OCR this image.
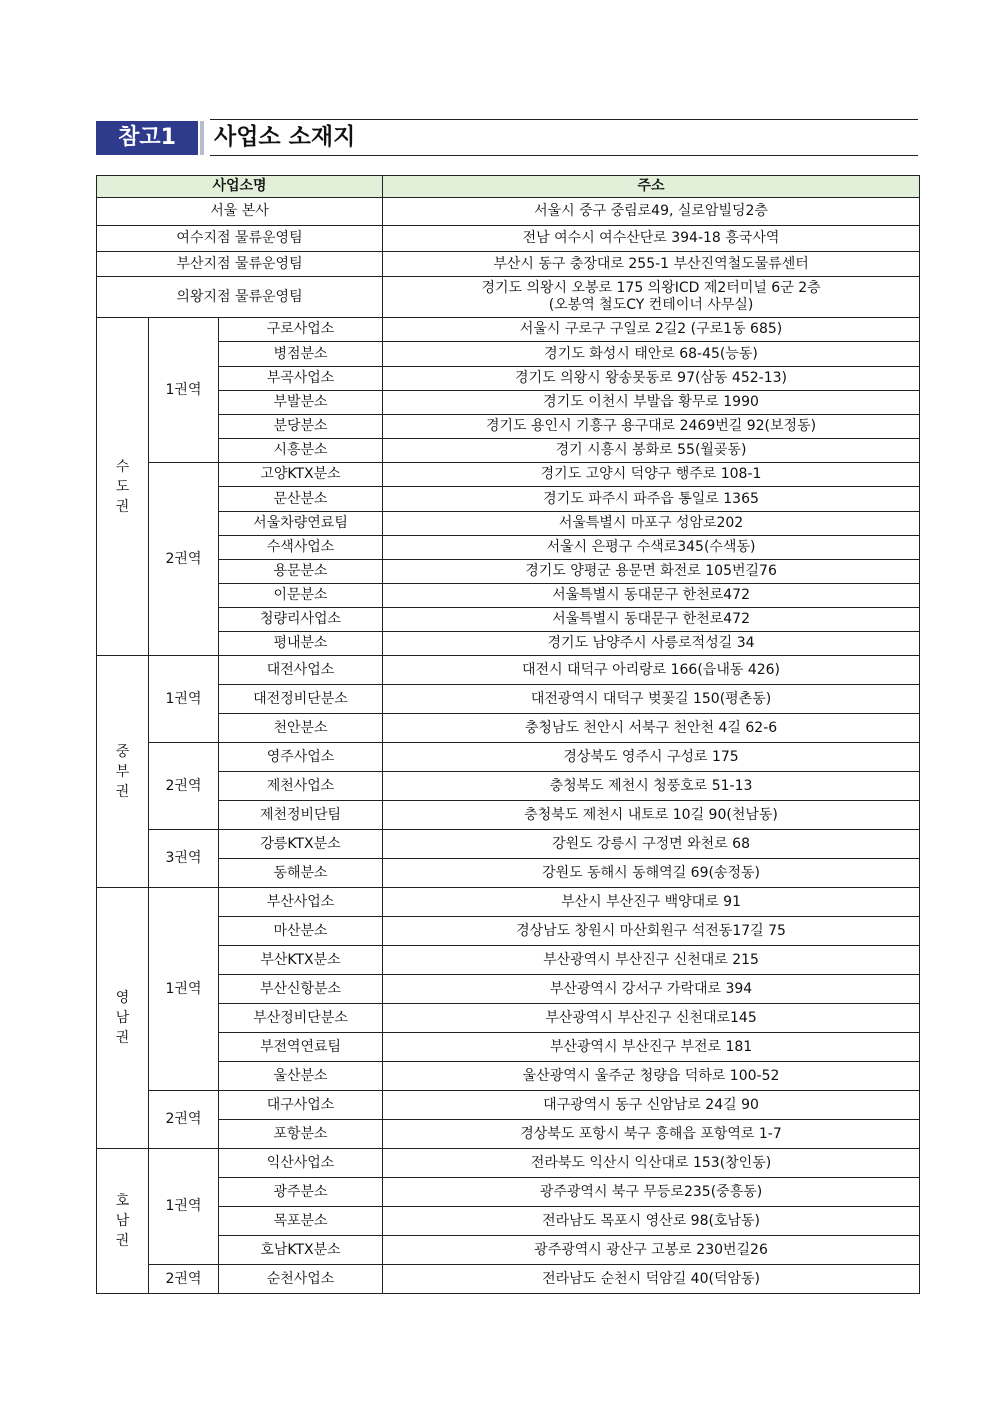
참고1	사업소 소재지
사업소명			주소
서울 본사			서울시 중구 중림로49, 실로암빌딩2층
여수지점 물류운영팀			전남 여수시 여수산단로 394-18 흥국사역
부산지점 물류운영팀			부산시 동구 충장대로 255-1 부산진역철도물류센터
의왕지점 물류운영팀			경기도 의왕시 오봉로 175 의왕ICD 제2터미널 6군 2층
(오봉역 철도CY 컨테이너 사무실)

수
도
권	1권역	구로사업소	서울시 구로구 구일로 2길2 (구로1동 685)
		병점분소	경기도 화성시 태안로 68-45(능동)
		부곡사업소	경기도 의왕시 왕송못동로 97(삼동 452-13)
		부발분소	경기도 이천시 부발읍 황무로 1990
		분당분소	경기도 용인시 기흥구 용구대로 2469번길 92(보정동)
		시흥분소	경기 시흥시 봉화로 55(월곶동)
	2권역	고양KTX분소	경기도 고양시 덕양구 행주로 108-1
		문산분소	경기도 파주시 파주읍 통일로 1365
		서울차량연료팀	서울특별시 마포구 성암로202
		수색사업소	서울시 은평구 수색로345(수색동)
		용문분소	경기도 양평군 용문면 화전로 105번길76
		이문분소	서울특별시 동대문구 한천로472
		청량리사업소	서울특별시 동대문구 한천로472
		평내분소	경기도 남양주시 사릉로적성길 34

중
부
권	1권역	대전사업소	대전시 대덕구 아리랑로 166(읍내동 426)
		대전정비단분소	대전광역시 대덕구 벚꽃길 150(평촌동)
		천안분소	충청남도 천안시 서북구 천안천 4길 62-6
	2권역	영주사업소	경상북도 영주시 구성로 175
		제천사업소	충청북도 제천시 청풍호로 51-13
		제천정비단팀	충청북도 제천시 내토로 10길 90(천남동)
	3권역	강릉KTX분소	강원도 강릉시 구정면 와천로 68
		동해분소	강원도 동해시 동해역길 69(송정동)

영
남
권	1권역	부산사업소	부산시 부산진구 백양대로 91
		마산분소	경상남도 창원시 마산회원구 석전동17길 75
		부산KTX분소	부산광역시 부산진구 신천대로 215
		부산신항분소	부산광역시 강서구 가락대로 394
		부산정비단분소	부산광역시 부산진구 신천대로145
		부전역연료팀	부산광역시 부산진구 부전로 181
		울산분소	울산광역시 울주군 청량읍 덕하로 100-52
	2권역	대구사업소	대구광역시 동구 신암남로 24길 90
		포항분소	경상북도 포항시 북구 흥해읍 포항역로 1-7

호
남
권	1권역	익산사업소	전라북도 익산시 익산대로 153(창인동)
		광주분소	광주광역시 북구 무등로235(중흥동)
		목포분소	전라남도 목포시 영산로 98(호남동)
		호남KTX분소	광주광역시 광산구 고봉로 230번길26
	2권역	순천사업소	전라남도 순천시 덕암길 40(덕암동)
